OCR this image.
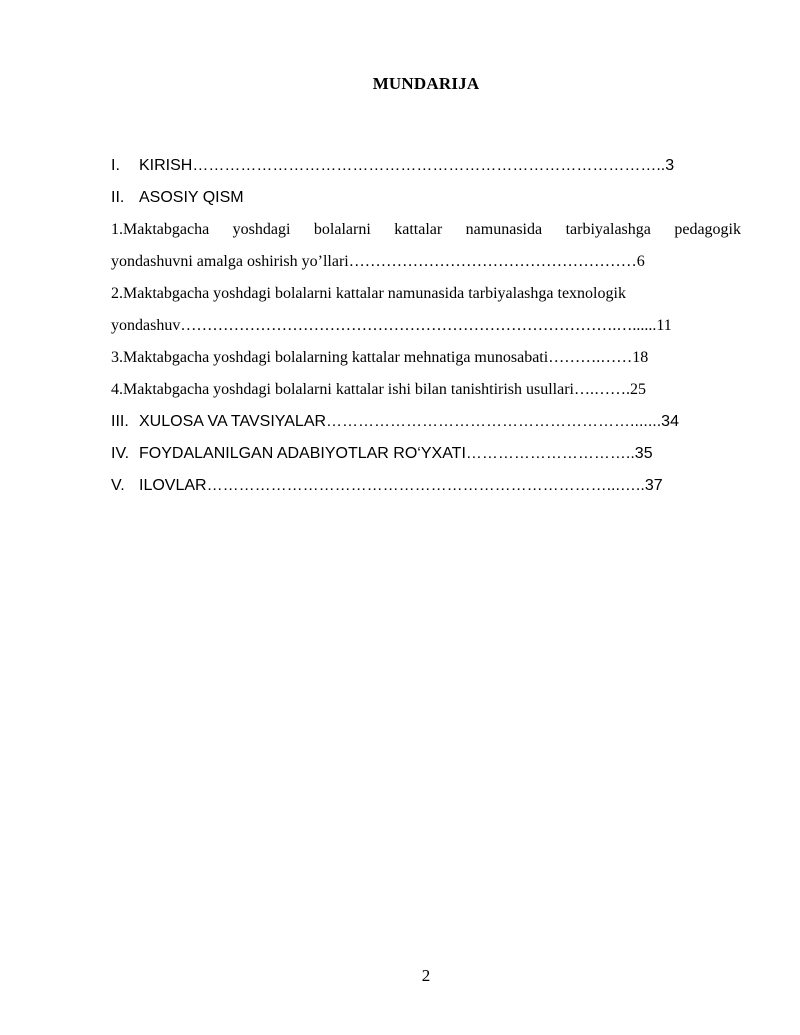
MUNDARIJA
I. KIRISH……………………………………………………………………………..3
II. ASOSIY QISM
1.Maktabgacha yoshdagi bolalarni kattalar namunasida tarbiyalashga pedagogik
yondashuvni amalga oshirish yo’llari………………………………………………6
2.Maktabgacha yoshdagi bolalarni kattalar namunasida tarbiyalashga texnologik
yondashuv……………………………………………………………………….…......11
3.Maktabgacha yoshdagi bolalarning kattalar mehnatiga munosabati……….……18
4.Maktabgacha yoshdagi bolalarni kattalar ishi bilan tanishtirish usullari….…….25
III. XULOSA VA TAVSIYALAR………………………………………………….......34
IV. FOYDALANILGAN ADABIYOTLAR RO‘YXATI…………………………..35
V. ILOVLAR…………………………………………………………………...…..37
2
